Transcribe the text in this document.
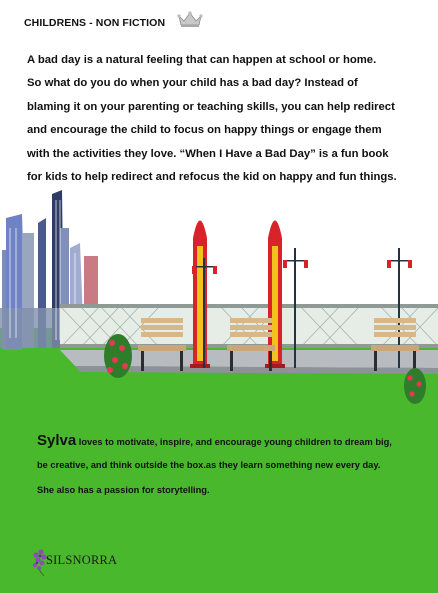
CHILDRENS - NON FICTION
A bad day is a natural feeling that can happen at school or home.
So what do you do when your child has a bad day? Instead of
blaming it on your parenting or teaching skills, you can help redirect
and encourage the child to focus on happy things or engage them
with the activities they love. “When I Have a Bad Day” is a fun book
for kids to help redirect and refocus the kid on happy and fun things.
Sylva loves to motivate, inspire, and encourage young children to dream big,
be creative, and think outside the box.as they learn something new every day.
She also has a passion for storytelling.
SILSNORRA
